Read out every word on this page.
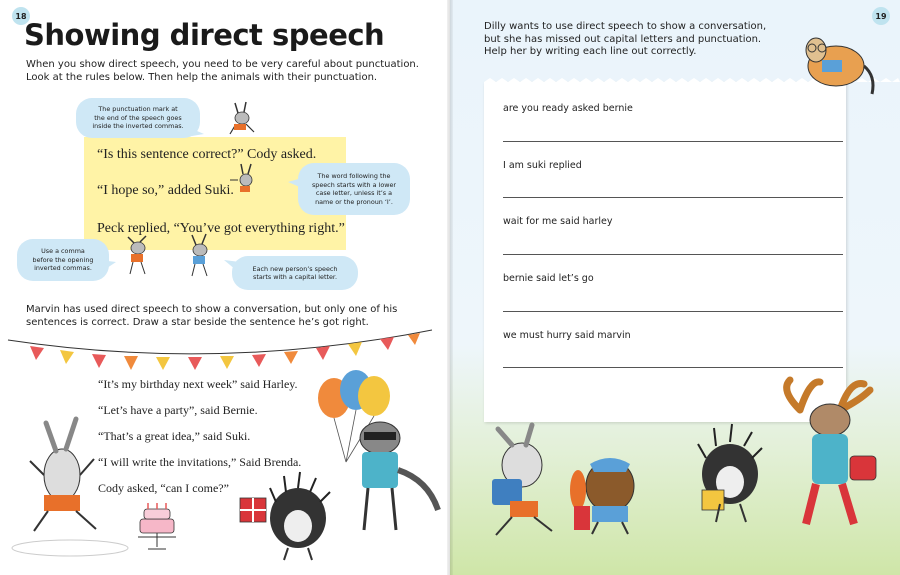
18	19
Showing direct speech
When you show direct speech, you need to be very careful about punctuation.
Look at the rules below. Then help the animals with their punctuation.
“Is this sentence correct?” Cody asked.
“I hope so,” added Suki.
Peck replied, “You’ve got everything right.”
The punctuation mark at
the end of the speech goes
inside the inverted commas.
The word following the
speech starts with a lower
case letter, unless it’s a
name or the pronoun ‘I’.
Use a comma
before the opening
inverted commas.	Each new person’s speech
starts with a capital letter.
Marvin has used direct speech to show a conversation, but only one of his
sentences is correct. Draw a star beside the sentence he’s got right.
“It’s my birthday next week” said Harley.
“Let’s have a party”, said Bernie.
“That’s a great idea,” said Suki.
“I will write the invitations,” Said Brenda.
Cody asked, “can I come?”
Dilly wants to use direct speech to show a conversation,
but she has missed out capital letters and punctuation.
Help her by writing each line out correctly.
are you ready asked bernie
I am suki replied
wait for me said harley
bernie said let’s go
we must hurry said marvin
